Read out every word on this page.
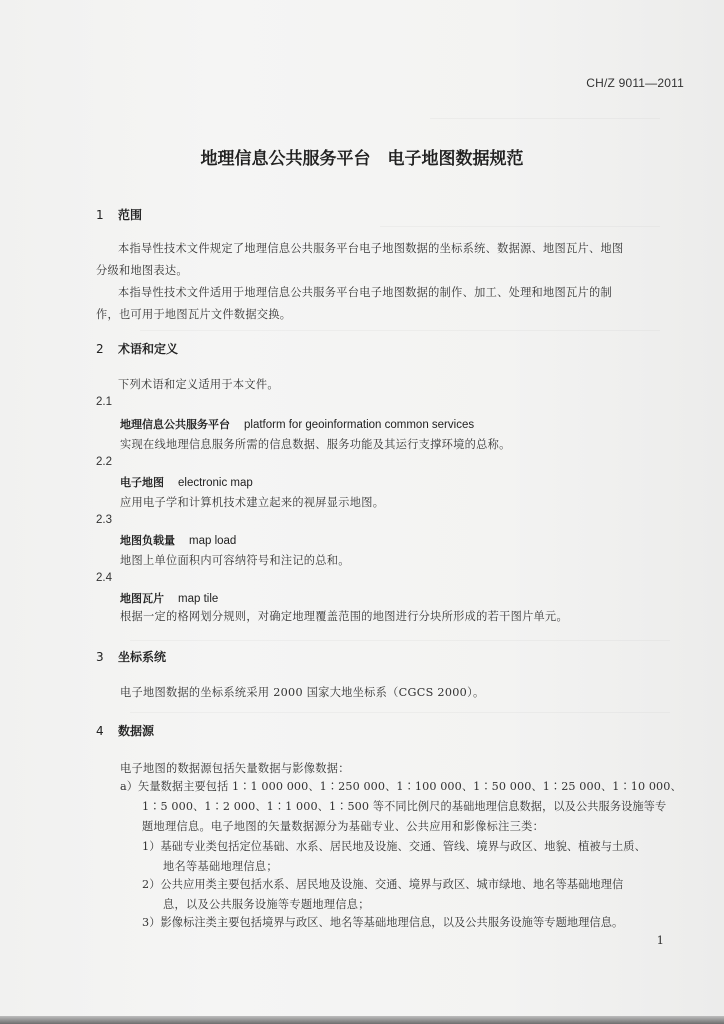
CH/Z 9011—2011
地理信息公共服务平台　电子地图数据规范
1 范围
本指导性技术文件规定了地理信息公共服务平台电子地图数据的坐标系统、数据源、地图瓦片、地图
分级和地图表达。
本指导性技术文件适用于地理信息公共服务平台电子地图数据的制作、加工、处理和地图瓦片的制
作，也可用于地图瓦片文件数据交换。
2 术语和定义
下列术语和定义适用于本文件。
2.1
地理信息公共服务平台 platform for geoinformation common services
实现在线地理信息服务所需的信息数据、服务功能及其运行支撑环境的总称。
2.2
电子地图 electronic map
应用电子学和计算机技术建立起来的视屏显示地图。
2.3
地图负载量 map load
地图上单位面积内可容纳符号和注记的总和。
2.4
地图瓦片 map tile
根据一定的格网划分规则，对确定地理覆盖范围的地图进行分块所形成的若干图片单元。
3 坐标系统
电子地图数据的坐标系统采用 2000 国家大地坐标系（CGCS 2000）。
4 数据源
电子地图的数据源包括矢量数据与影像数据：
a）矢量数据主要包括 1∶1 000 000、1∶250 000、1∶100 000、1∶50 000、1∶25 000、1∶10 000、
1∶5 000、1∶2 000、1∶1 000、1∶500 等不同比例尺的基础地理信息数据，以及公共服务设施等专
题地理信息。电子地图的矢量数据源分为基础专业、公共应用和影像标注三类：
1）基础专业类包括定位基础、水系、居民地及设施、交通、管线、境界与政区、地貌、植被与土质、
地名等基础地理信息；
2）公共应用类主要包括水系、居民地及设施、交通、境界与政区、城市绿地、地名等基础地理信
息，以及公共服务设施等专题地理信息；
3）影像标注类主要包括境界与政区、地名等基础地理信息，以及公共服务设施等专题地理信息。
1
